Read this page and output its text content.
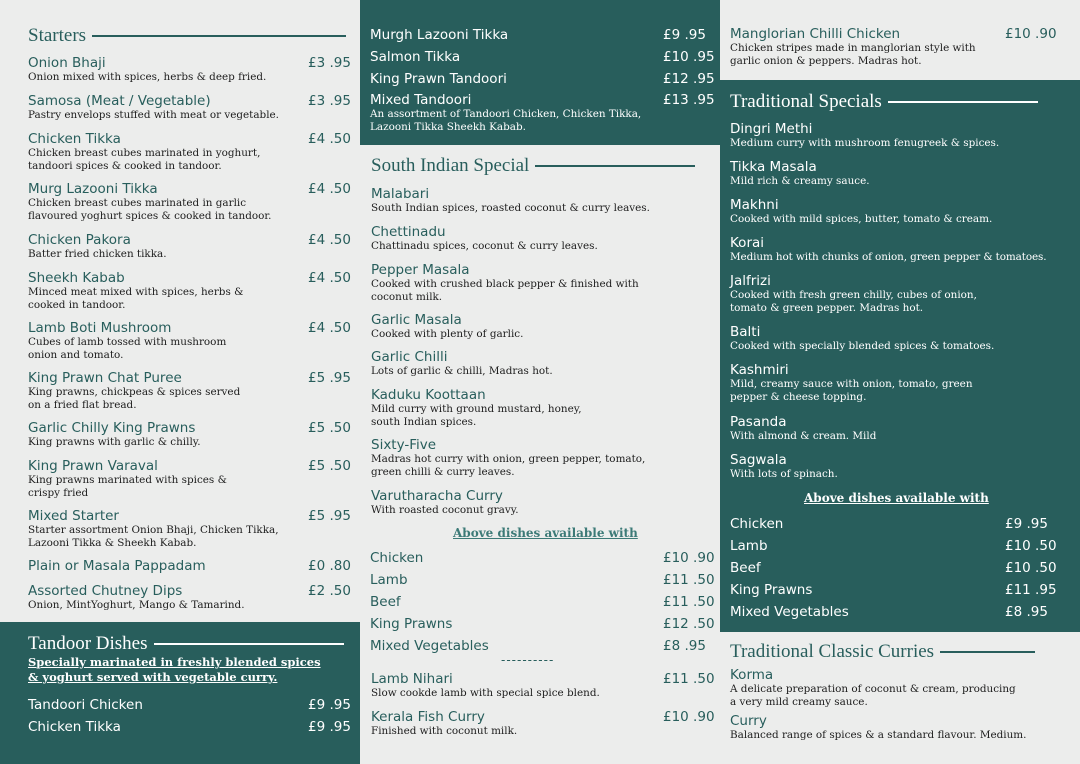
Starters
Onion Bhaji
Onion mixed with spices, herbs & deep fried.
£3 .95
Samosa (Meat / Vegetable)
Pastry envelops stuffed with meat or vegetable.
£3 .95
Chicken Tikka
Chicken breast cubes marinated in yoghurt, tandoori spices & cooked in tandoor.
£4 .50
Murg Lazooni Tikka
Chicken breast cubes marinated in garlic flavoured yoghurt spices & cooked in tandoor.
£4 .50
Chicken Pakora
Batter fried chicken tikka.
£4 .50
Sheekh Kabab
Minced meat mixed with spices, herbs & cooked in tandoor.
£4 .50
Lamb Boti Mushroom
Cubes of lamb tossed with mushroom onion and tomato.
£4 .50
King Prawn Chat Puree
King prawns, chickpeas & spices served on a fried flat bread.
£5 .95
Garlic Chilly King Prawns
King prawns with garlic & chilly.
£5 .50
King Prawn Varaval
King prawns marinated with spices & crispy fried
£5 .50
Mixed Starter
Starter assortment Onion Bhaji, Chicken Tikka, Lazooni Tikka & Sheekh Kabab.
£5 .95
Plain or Masala Pappadam	£0 .80
Assorted Chutney Dips
Onion, MintYoghurt, Mango & Tamarind.
£2 .50
Tandoor Dishes
Specially marinated in freshly blended spices & yoghurt served with vegetable curry.
Tandoori Chicken	£9 .95
Chicken Tikka	£9 .95
Murgh Lazooni Tikka	£9 .95
Salmon Tikka	£10 .95
King Prawn Tandoori	£12 .95
Mixed Tandoori
An assortment of Tandoori Chicken, Chicken Tikka, Lazooni Tikka Sheekh Kabab.
£13 .95
South Indian Special
Malabari
South Indian spices, roasted coconut & curry leaves.
Chettinadu
Chattinadu spices, coconut & curry leaves.
Pepper Masala
Cooked with crushed black pepper & finished with coconut milk.
Garlic Masala
Cooked with plenty of garlic.
Garlic Chilli
Lots of garlic & chilli, Madras hot.
Kaduku Koottaan
Mild curry with ground mustard, honey, south Indian spices.
Sixty-Five
Madras hot curry with onion, green pepper, tomato, green chilli & curry leaves.
Varutharacha Curry
With roasted coconut gravy.
Above dishes available with
Chicken	£10 .90
Lamb	£11 .50
Beef	£11 .50
King Prawns	£12 .50
Mixed Vegetables	£8 .95
----------
Lamb Nihari
Slow cookde lamb with special spice blend.
£11 .50
Kerala Fish Curry
Finished with coconut milk.
£10 .90
Manglorian Chilli Chicken
Chicken stripes made in manglorian style with garlic onion & peppers. Madras hot.
£10 .90
Traditional Specials
Dingri Methi
Medium curry with mushroom fenugreek & spices.
Tikka Masala
Mild rich & creamy sauce.
Makhni
Cooked with mild spices, butter, tomato & cream.
Korai
Medium hot with chunks of onion, green pepper & tomatoes.
Jalfrizi
Cooked with fresh green chilly, cubes of onion, tomato & green pepper. Madras hot.
Balti
Cooked with specially blended spices & tomatoes.
Kashmiri
Mild, creamy sauce with onion, tomato, green pepper & cheese topping.
Pasanda
With almond & cream. Mild
Sagwala
With lots of spinach.
Above dishes available with
Chicken	£9 .95
Lamb	£10 .50
Beef	£10 .50
King Prawns	£11 .95
Mixed Vegetables	£8 .95
Traditional Classic Curries
Korma
A delicate preparation of coconut & cream, producing a very mild creamy sauce.
Curry
Balanced range of spices & a standard flavour. Medium.
